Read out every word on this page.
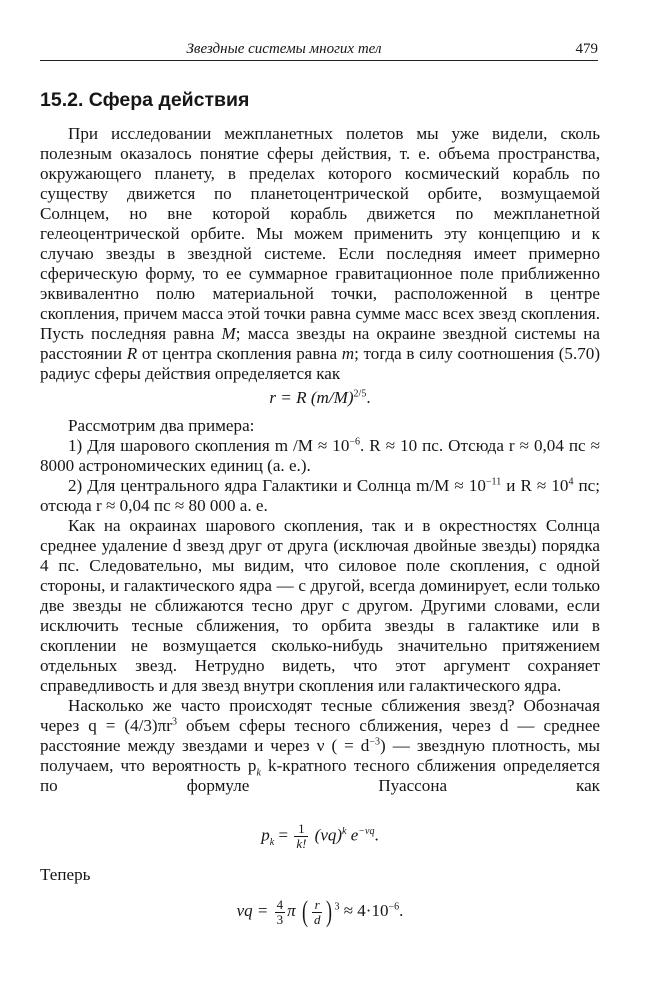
Звездные системы многих тел	479
15.2. Сфера действия

При исследовании межпланетных полетов мы уже видели, сколь полезным оказалось понятие сферы действия, т. е. объема пространства, окружающего планету, в пределах которого космический корабль по существу движется по планетоцентрической орбите, возмущаемой Солнцем, но вне которой корабль движется по межпланетной гелеоцентрической орбите. Мы можем применить эту концепцию и к случаю звезды в звездной системе. Если последняя имеет примерно сферическую форму, то ее суммарное гравитационное поле приближенно эквивалентно полю материальной точки, расположенной в центре скопления, причем масса этой точки равна сумме масс всех звезд скопления. Пусть последняя равна M; масса звезды на окраине звездной системы на расстоянии R от центра скопления равна m; тогда в силу соотношения (5.70) радиус сферы действия определяется как

r = R $(m/M)^{2/5}$.

Рассмотрим два примера:

1) Для шарового скопления m $/M \approx 10^{-6}$. R ≈ 10 пс. Отсюда r ≈ 0,04 пс ≈ 8000 астрономических единиц (а. е.).

2) Для центрального ядра Галактики и Солнца $m/M \approx 10^{-11}$ и $R \approx 10^4$ пс; отсюда r ≈ 0,04 пс ≈ 80 000 а. е.

Как на окраинах шарового скопления, так и в окрестностях Солнца среднее удаление d звезд друг от друга (исключая двойные звезды) порядка 4 пс. Следовательно, мы видим, что силовое поле скопления, с одной стороны, и галактического ядра — с другой, всегда доминирует, если только две звезды не сближаются тесно друг с другом. Другими словами, если исключить тесные сближения, то орбита звезды в галактике или в скоплении не возмущается сколько-нибудь значительно притяжением отдельных звезд. Нетрудно видеть, что этот аргумент сохраняет справедливость и для звезд внутри скопления или галактического ядра.

Насколько же часто происходят тесные сближения звезд? Обозначая через $q = (4/3)\pi r^3$ объем сферы тесного сближения, через d — среднее расстояние между звездами и через ν ( = $d^{-3}$) — звездную плотность, мы получаем, что вероятность $p_k$ k-кратного тесного сближения определяется по формуле Пуассона как

$p_k = \frac{1}{k!} (\nu q)^k$ $e^{-\nu q}$.

Теперь

$\nu q = \frac{4}{3}$ π ( $\frac{r}{d}$ ) $^3 \approx 4\cdot 10^{-6}$.
